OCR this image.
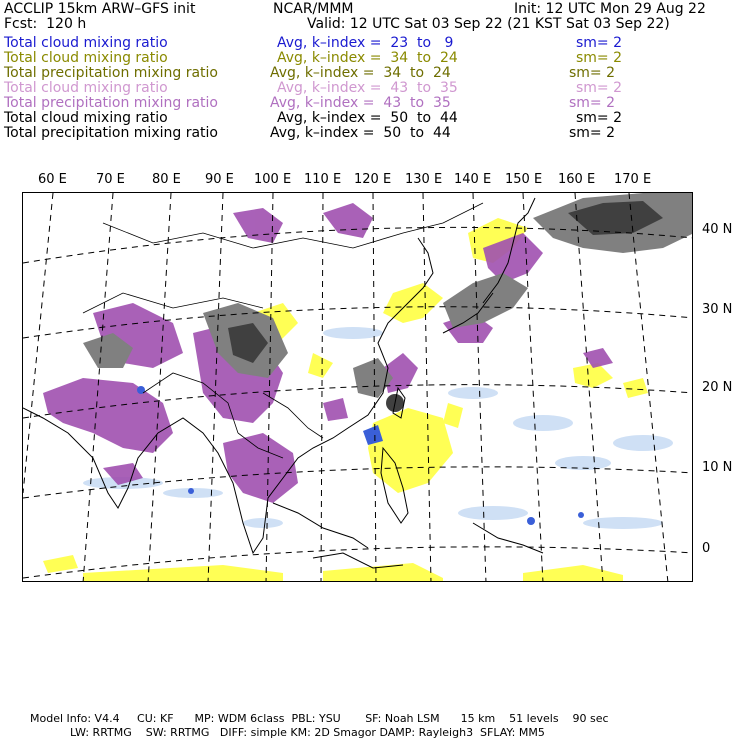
ACCLIP 15km ARW–GFS init	NCAR/MMM	Init: 12 UTC Mon 29 Aug 22
Fcst:  120 h	Valid: 12 UTC Sat 03 Sep 22 (21 KST Sat 03 Sep 22)
Total cloud mixing ratio	Avg, k–index =  23  to   9	sm= 2
Total cloud mixing ratio	Avg, k–index =  34  to  24	sm= 2
Total precipitation mixing ratio	Avg, k–index =  34  to  24	sm= 2
Total cloud mixing ratio	Avg, k–index =  43  to  35	sm= 2
Total precipitation mixing ratio	Avg, k–index =  43  to  35	sm= 2
Total cloud mixing ratio	Avg, k–index =  50  to  44	sm= 2
Total precipitation mixing ratio	Avg, k–index =  50  to  44	sm= 2
60 E 70 E 80 E 90 E 100 E 110 E 120 E 130 E 140 E 150 E 160 E 170 E
40 N
30 N
20 N
10 N
0
Model Info: V4.4     CU: KF      MP: WDM 6class  PBL: YSU       SF: Noah LSM      15 km    51 levels    90 sec
LW: RRTMG    SW: RRTMG   DIFF: simple KM: 2D Smagor DAMP: Rayleigh3  SFLAY: MM5
